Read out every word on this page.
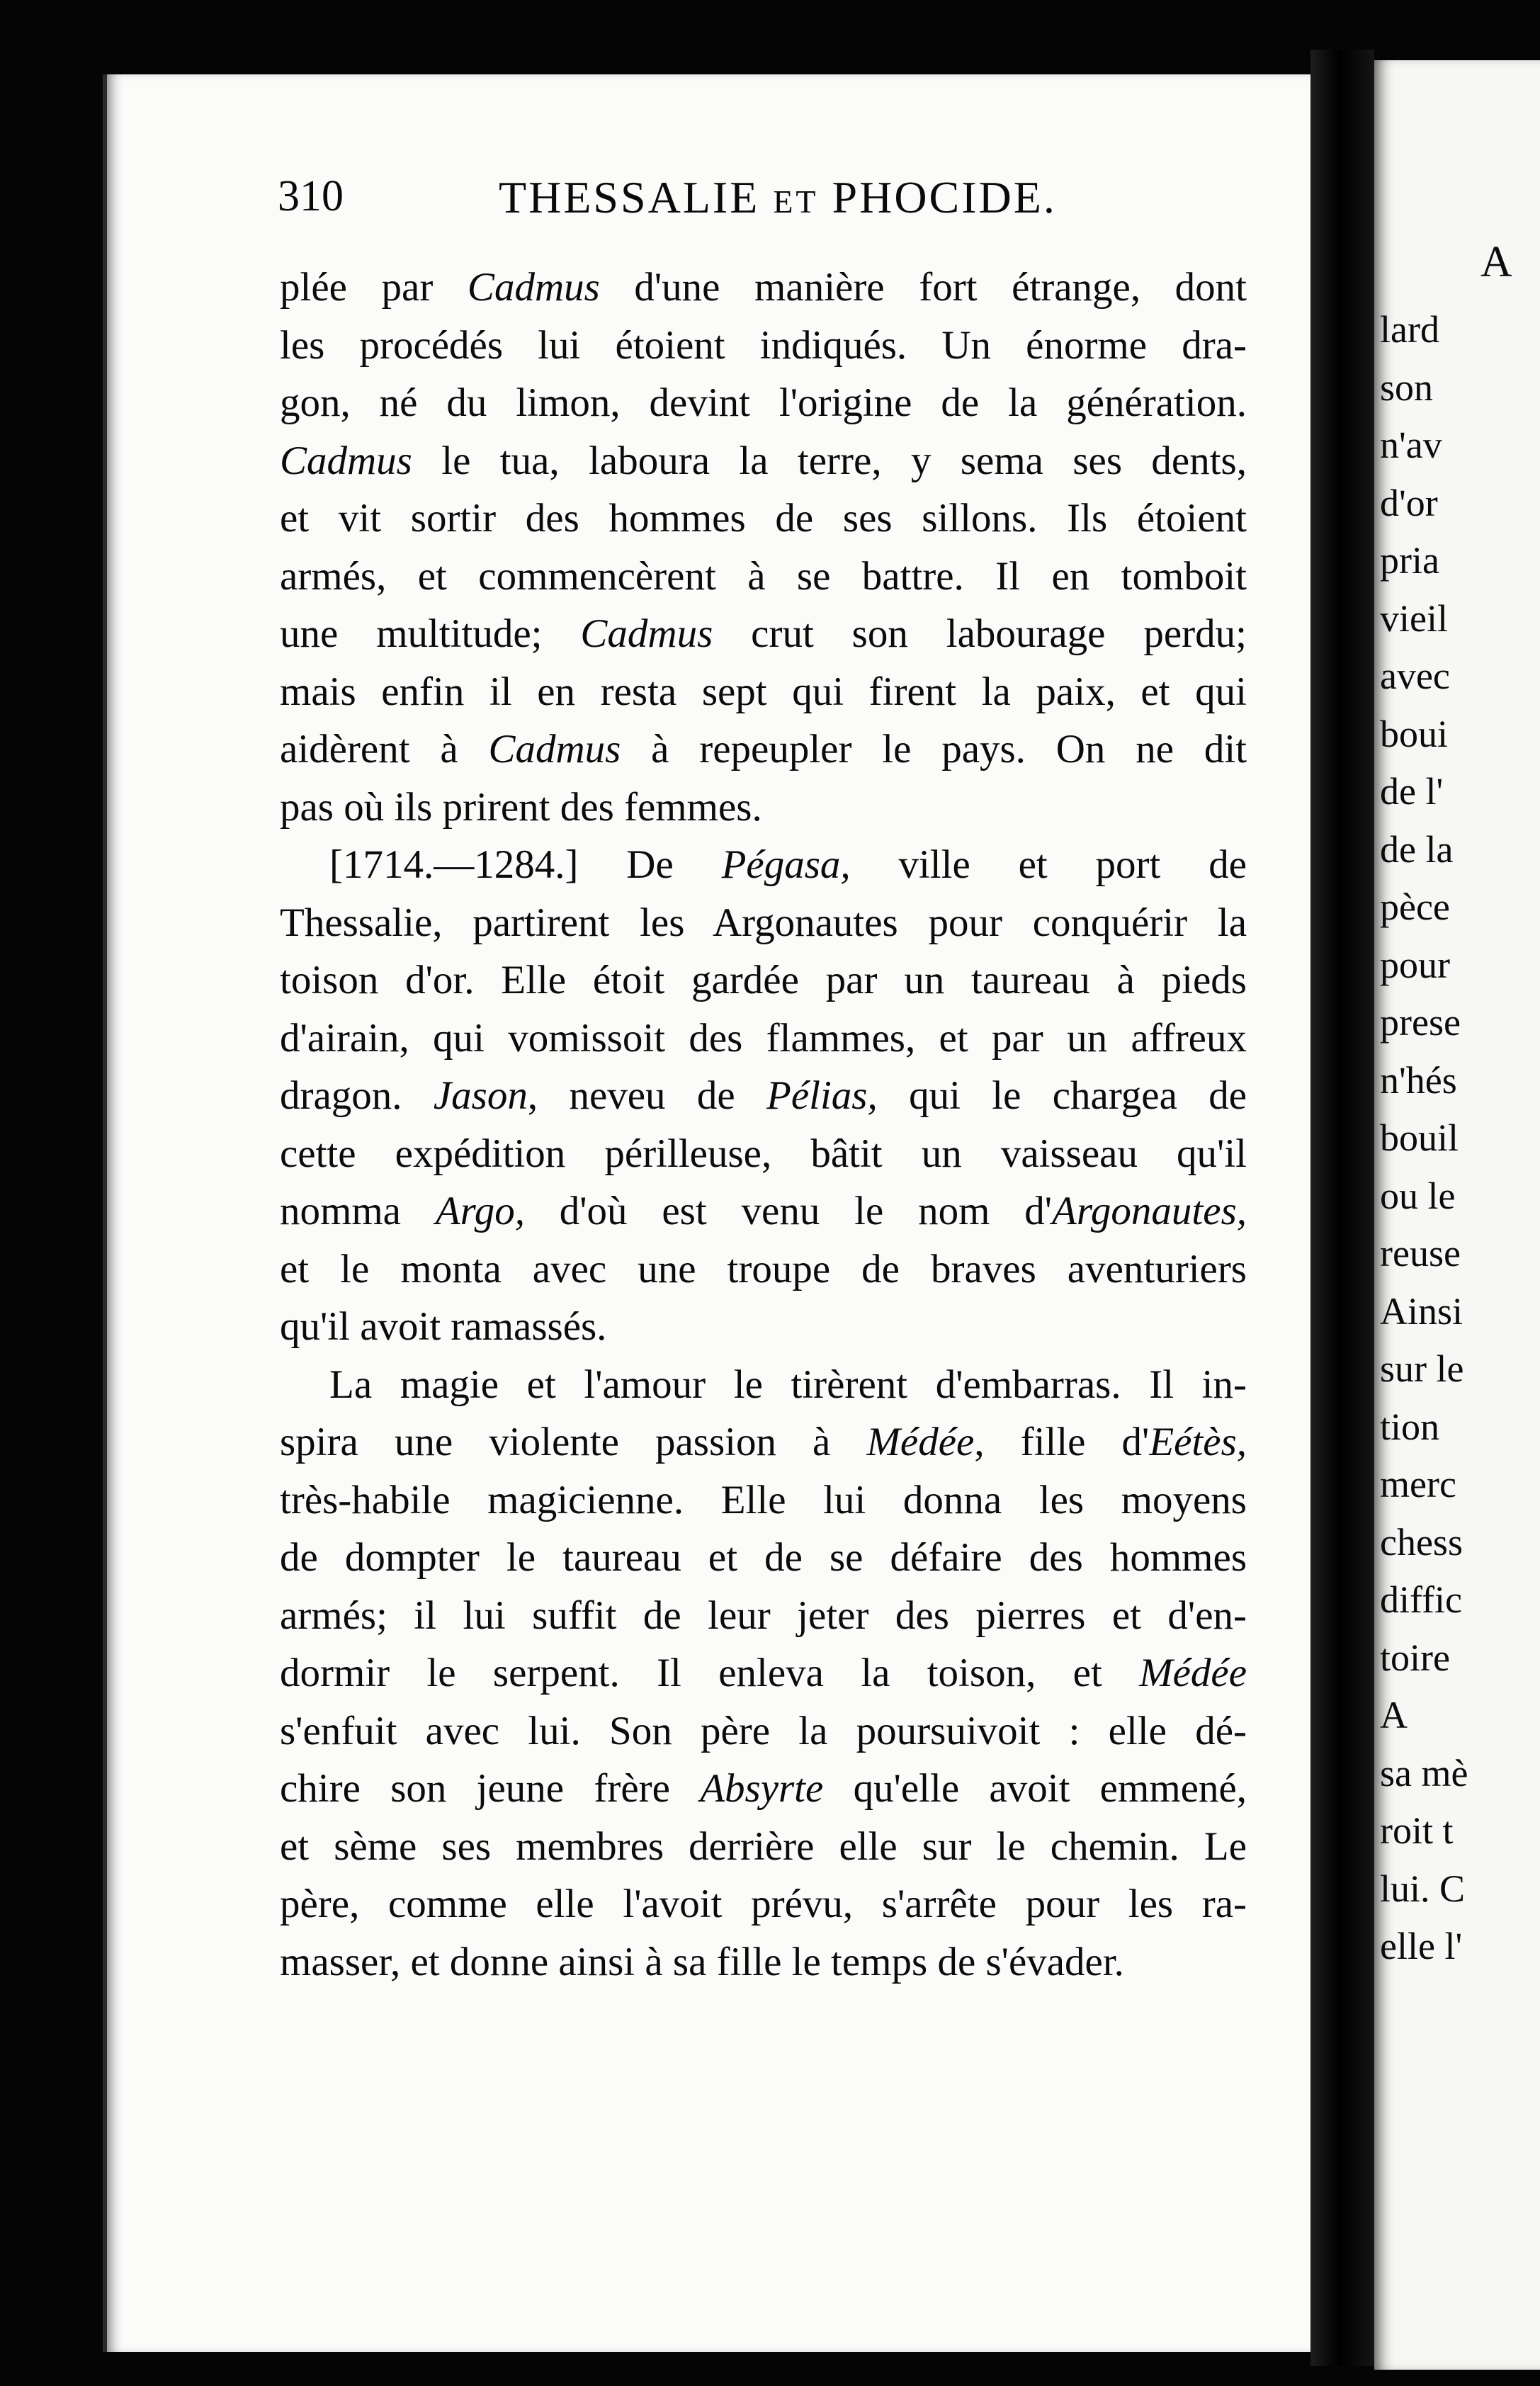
A
lard
son
n'av
d'or
pria
vieil
avec
boui
de l'
de la
pèce
pour
prese
n'hés
bouil
ou le
reuse
Ainsi
sur le
tion
merc
chess
diffic
toire
A
sa mè
roit t
lui. C
elle l'
310	THESSALIE ET PHOCIDE.
plée par Cadmus d'une manière fort étrange, dont
les procédés lui étoient indiqués. Un énorme dra-
gon, né du limon, devint l'origine de la génération.
Cadmus le tua, laboura la terre, y sema ses dents,
et vit sortir des hommes de ses sillons. Ils étoient
armés, et commencèrent à se battre. Il en tomboit
une multitude; Cadmus crut son labourage perdu;
mais enfin il en resta sept qui firent la paix, et qui
aidèrent à Cadmus à repeupler le pays. On ne dit
pas où ils prirent des femmes.
[1714.—1284.] De Pégasa, ville et port de
Thessalie, partirent les Argonautes pour conquérir la
toison d'or. Elle étoit gardée par un taureau à pieds
d'airain, qui vomissoit des flammes, et par un affreux
dragon. Jason, neveu de Pélias, qui le chargea de
cette expédition périlleuse, bâtit un vaisseau qu'il
nomma Argo, d'où est venu le nom d'Argonautes,
et le monta avec une troupe de braves aventuriers
qu'il avoit ramassés.
La magie et l'amour le tirèrent d'embarras. Il in-
spira une violente passion à Médée, fille d'Eétès,
très-habile magicienne. Elle lui donna les moyens
de dompter le taureau et de se défaire des hommes
armés; il lui suffit de leur jeter des pierres et d'en-
dormir le serpent. Il enleva la toison, et Médée
s'enfuit avec lui. Son père la poursuivoit : elle dé-
chire son jeune frère Absyrte qu'elle avoit emmené,
et sème ses membres derrière elle sur le chemin. Le
père, comme elle l'avoit prévu, s'arrête pour les ra-
masser, et donne ainsi à sa fille le temps de s'évader.
